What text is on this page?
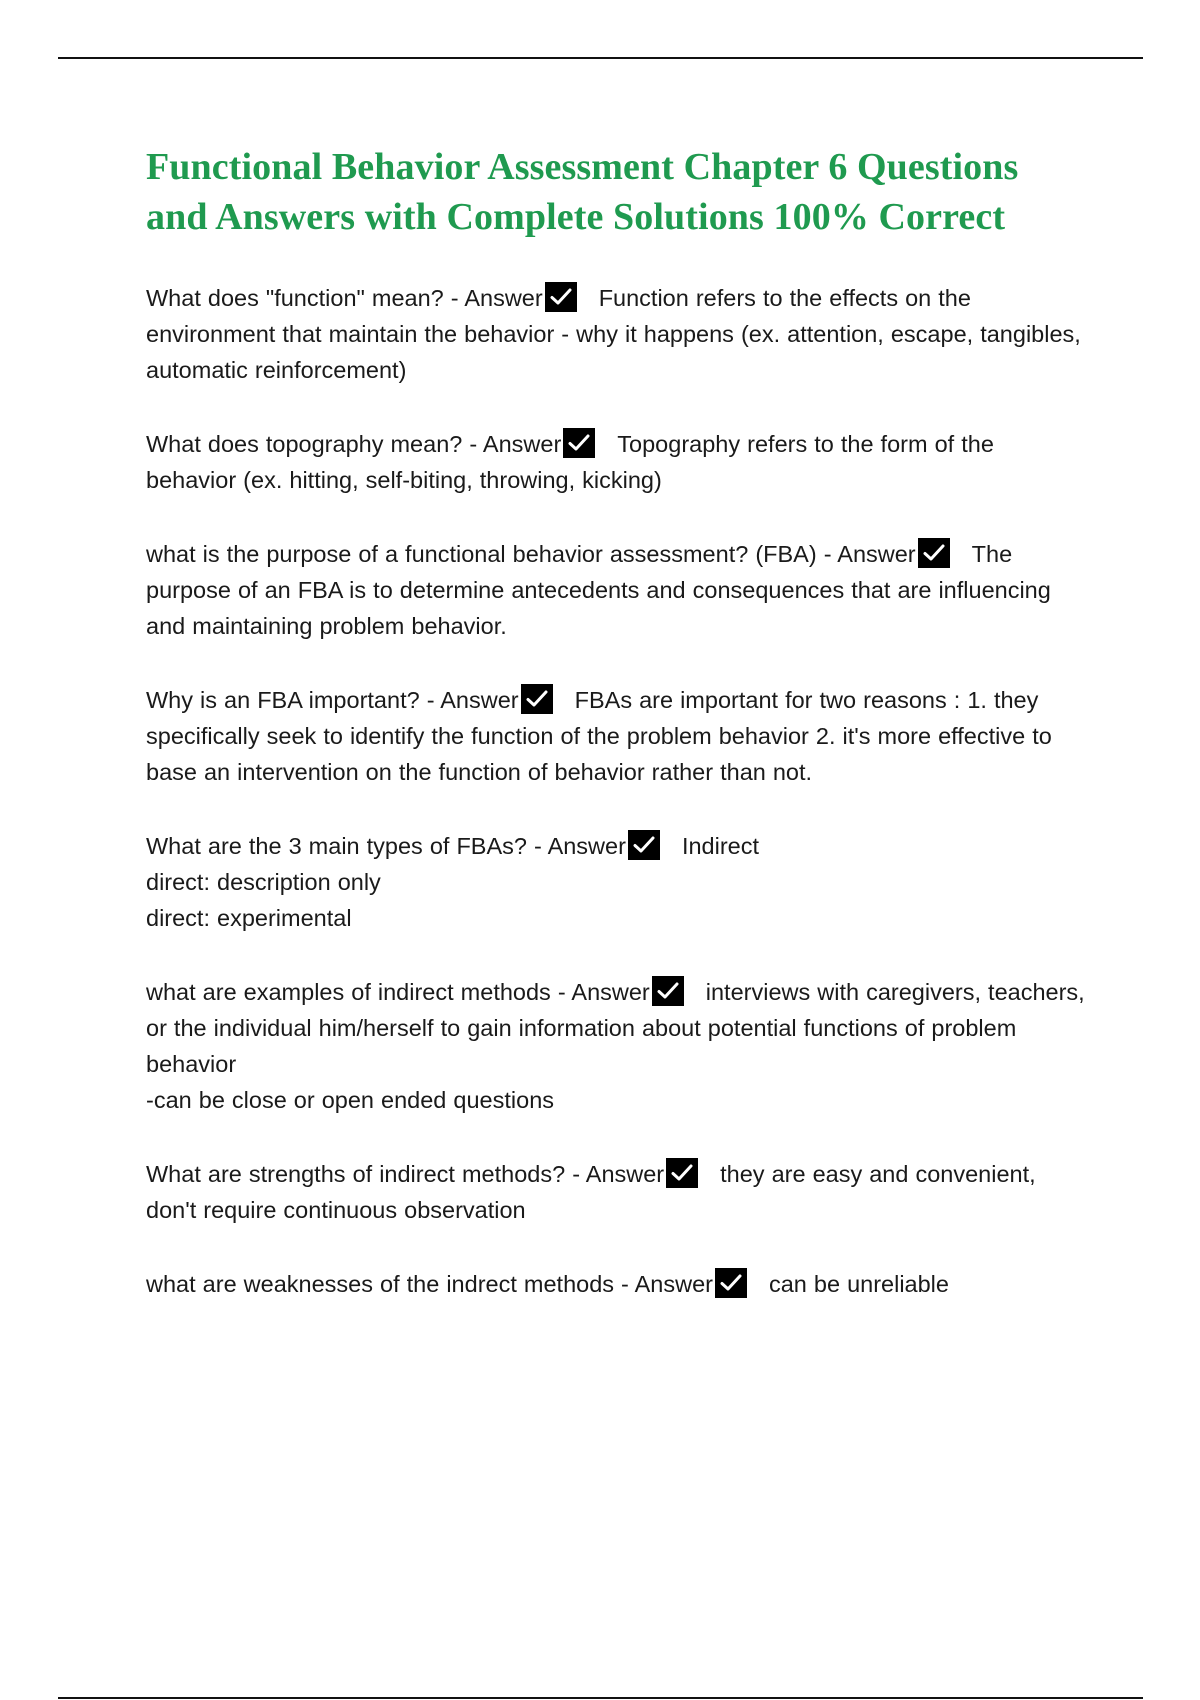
Functional Behavior Assessment Chapter 6 Questions and Answers with Complete Solutions 100% Correct
What does "function" mean? - Answer Function refers to the effects on the environment that maintain the behavior - why it happens (ex. attention, escape, tangibles, automatic reinforcement)
What does topography mean? - Answer Topography refers to the form of the behavior (ex. hitting, self-biting, throwing, kicking)
what is the purpose of a functional behavior assessment? (FBA) - Answer The purpose of an FBA is to determine antecedents and consequences that are influencing and maintaining problem behavior.
Why is an FBA important? - Answer FBAs are important for two reasons : 1. they specifically seek to identify the function of the problem behavior 2. it's more effective to base an intervention on the function of behavior rather than not.
What are the 3 main types of FBAs? - Answer Indirect
direct: description only
direct: experimental
what are examples of indirect methods - Answer interviews with caregivers, teachers, or the individual him/herself to gain information about potential functions of problem behavior
-can be close or open ended questions
What are strengths of indirect methods? - Answer they are easy and convenient, don't require continuous observation
what are weaknesses of the indrect methods - Answer can be unreliable
